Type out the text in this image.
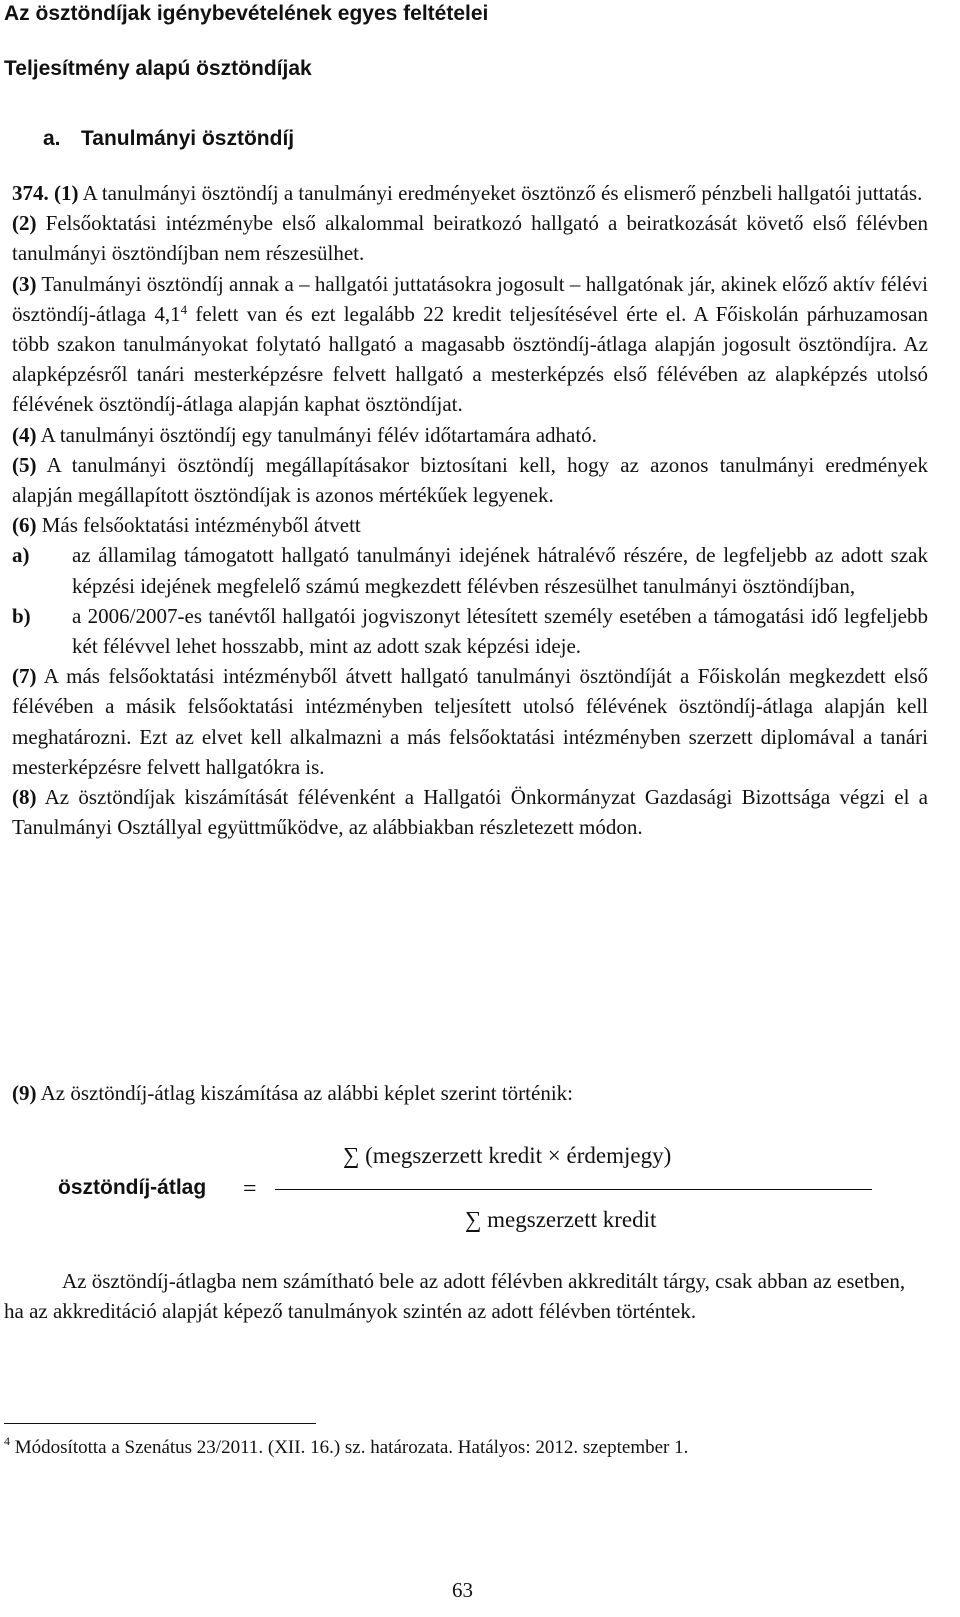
Az ösztöndíjak igénybevételének egyes feltételei
Teljesítmény alapú ösztöndíjak
a. Tanulmányi ösztöndíj

374. (1) A tanulmányi ösztöndíj a tanulmányi eredményeket ösztönző és elismerő pénzbeli hallgatói juttatás.

(2) Felsőoktatási intézménybe első alkalommal beiratkozó hallgató a beiratkozását követő első félévben tanulmányi ösztöndíjban nem részesülhet.

(3) Tanulmányi ösztöndíj annak a – hallgatói juttatásokra jogosult – hallgatónak jár, akinek előző aktív félévi ösztöndíj-átlaga $4,1^4$ felett van és ezt legalább 22 kredit teljesítésével érte el. A Főiskolán párhuzamosan több szakon tanulmányokat folytató hallgató a magasabb ösztöndíj-átlaga alapján jogosult ösztöndíjra. Az alapképzésről tanári mesterképzésre felvett hallgató a mesterképzés első félévében az alapképzés utolsó félévének ösztöndíj-átlaga alapján kaphat ösztöndíjat.

(4) A tanulmányi ösztöndíj egy tanulmányi félév időtartamára adható.

(5) A tanulmányi ösztöndíj megállapításakor biztosítani kell, hogy az azonos tanulmányi eredmények alapján megállapított ösztöndíjak is azonos mértékűek legyenek.

(6) Más felsőoktatási intézményből átvett

a)	az államilag támogatott hallgató tanulmányi idejének hátralévő részére, de legfeljebb az adott szak képzési idejének megfelelő számú megkezdett félévben részesülhet tanulmányi ösztöndíjban,
b)	a 2006/2007-es tanévtől hallgatói jogviszonyt létesített személy esetében a támogatási idő legfeljebb két félévvel lehet hosszabb, mint az adott szak képzési ideje.

(7) A más felsőoktatási intézményből átvett hallgató tanulmányi ösztöndíját a Főiskolán megkezdett első félévében a másik felsőoktatási intézményben teljesített utolsó félévének ösztöndíj-átlaga alapján kell meghatározni. Ezt az elvet kell alkalmazni a más felsőoktatási intézményben szerzett diplomával a tanári mesterképzésre felvett hallgatókra is.

(8) Az ösztöndíjak kiszámítását félévenként a Hallgatói Önkormányzat Gazdasági Bizottsága végzi el a Tanulmányi Osztállyal együttműködve, az alábbiakban részletezett módon.

(9) Az ösztöndíj-átlag kiszámítása az alábbi képlet szerint történik:
ösztöndíj-átlag =
∑ (megszerzett kredit × érdemjegy)
∑ megszerzett kredit
Az ösztöndíj-átlagba nem számítható bele az adott félévben akkreditált tárgy, csak abban az esetben, ha az akkreditáció alapját képező tanulmányok szintén az adott félévben történtek.
$^4$ Módosította a Szenátus 23/2011. (XII. 16.) sz. határozata. Hatályos: 2012. szeptember 1.
63
